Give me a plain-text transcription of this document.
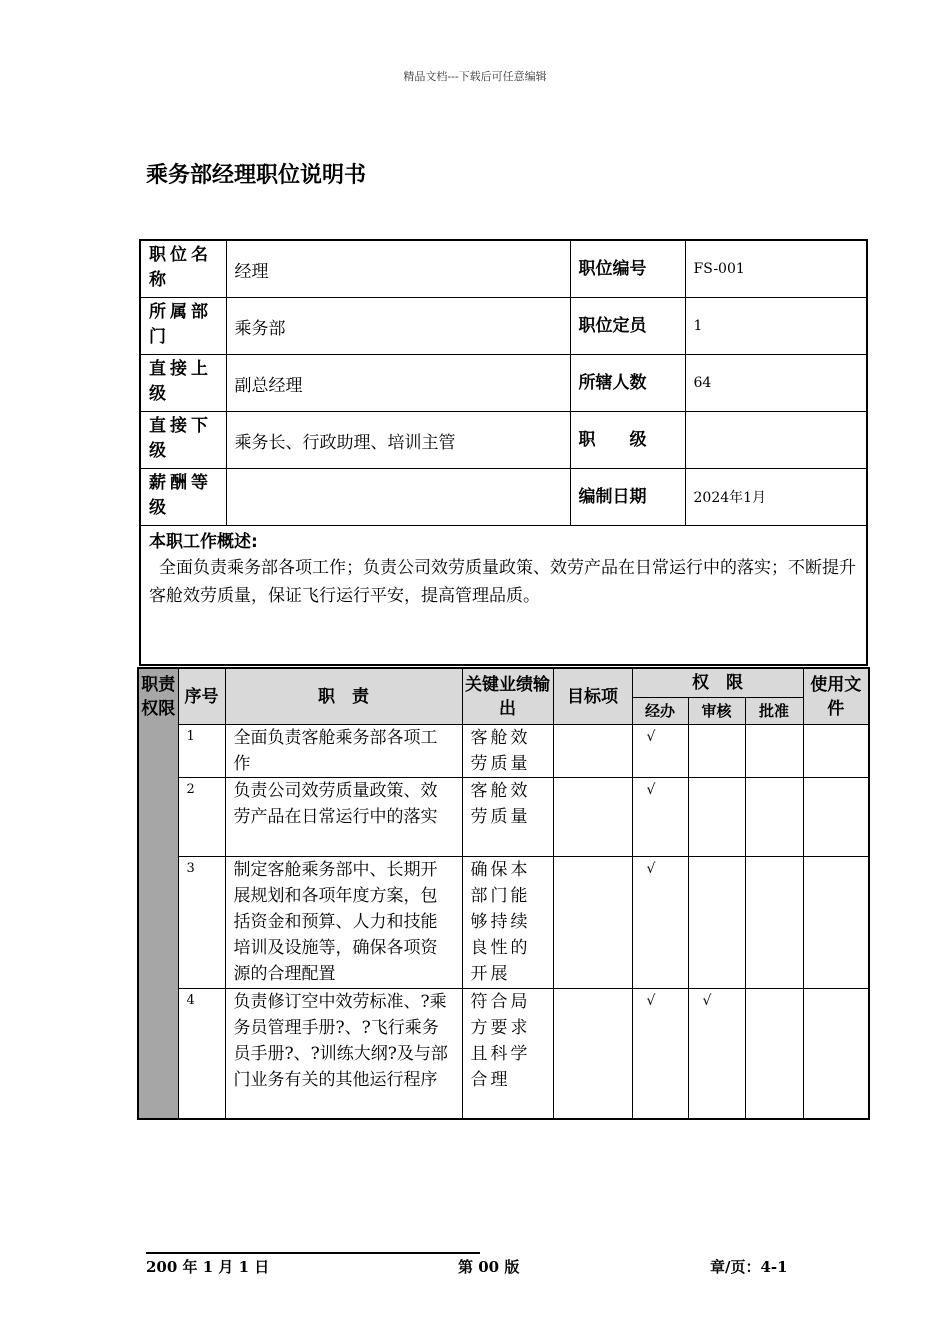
精品文档---下载后可任意编辑
乘务部经理职位说明书
职位名称	经理	职位编号	FS-001
所属部门	乘务部	职位定员	1
直接上级	副总经理	所辖人数	64
直接下级	乘务长、行政助理、培训主管	职　　级	
薪酬等级		编制日期	2024年1月

本职工作概述:
全面负责乘务部各项工作；负责公司效劳质量政策、效劳产品在日常运行中的落实；不断提升客舱效劳质量，保证飞行运行平安，提高管理品质。			
职责权限	序号	职　责	关键业绩输出	目标项	权　限			使用文件
					经办	审核	批准	
	1	全面负责客舱乘务部各项工作	客舱效劳质量		√			
	2	负责公司效劳质量政策、效劳产品在日常运行中的落实	客舱效劳质量		√			
	3	制定客舱乘务部中、长期开展规划和各项年度方案，包括资金和预算、人力和技能培训及设施等，确保各项资源的合理配置	确保本部门能够持续良性的开展		√			
	4	负责修订空中效劳标准、?乘务员管理手册?、?飞行乘务员手册?、?训练大纲?及与部门业务有关的其他运行程序	符合局方要求且科学合理		√	√		
200 年 1 月 1 日	第 00 版	章/页：4-1
